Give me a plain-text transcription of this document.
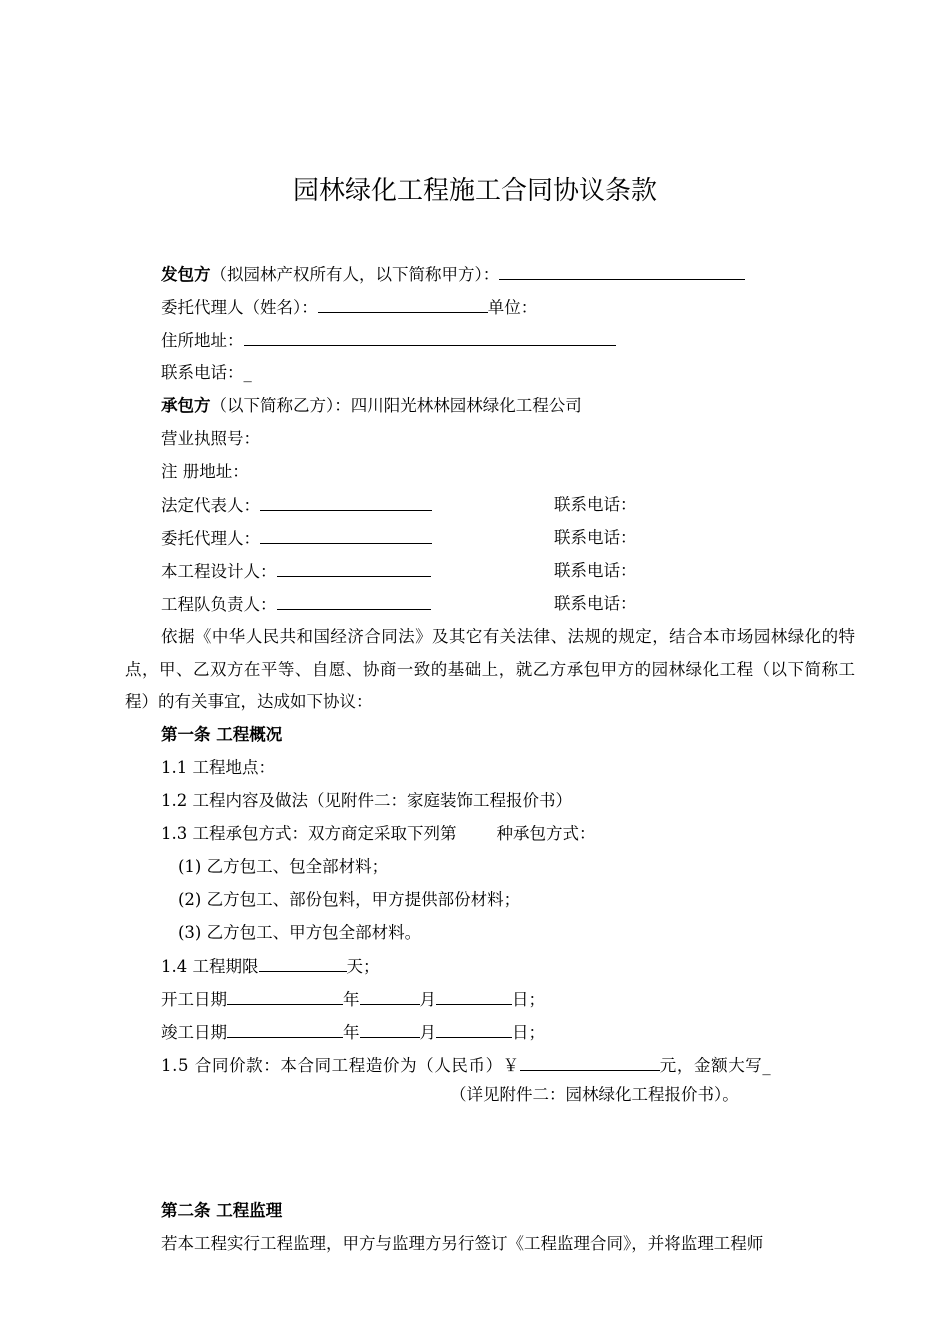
园林绿化工程施工合同协议条款
发包方（拟园林产权所有人，以下简称甲方）：
委托代理人（姓名）：	单位：
住所地址：
联系电话：_
承包方（以下简称乙方）：四川阳光林林园林绿化工程公司
营业执照号：
注 册地址：
法定代表人：	联系电话：
委托代理人：	联系电话：
本工程设计人：	联系电话：
工程队负责人：	联系电话：
依据《中华人民共和国经济合同法》及其它有关法律、法规的规定，结合本市场园林绿化的特点，甲、乙双方在平等、自愿、协商一致的基础上，就乙方承包甲方的园林绿化工程（以下简称工程）的有关事宜，达成如下协议：
第一条 工程概况
1.1 工程地点：
1.2 工程内容及做法（见附件二：家庭装饰工程报价书）
1.3 工程承包方式：双方商定采取下列第 种承包方式：
(1) 乙方包工、包全部材料；
(2) 乙方包工、部份包料，甲方提供部份材料；
(3) 乙方包工、甲方包全部材料。
1.4 工程期限	天；
开工日期	年	月	日；
竣工日期	年	月	日；
1.5 合同价款：本合同工程造价为（人民币）￥	元，金额大写_
（详见附件二：园林绿化工程报价书）。
第二条 工程监理
若本工程实行工程监理，甲方与监理方另行签订《工程监理合同》，并将监理工程师
